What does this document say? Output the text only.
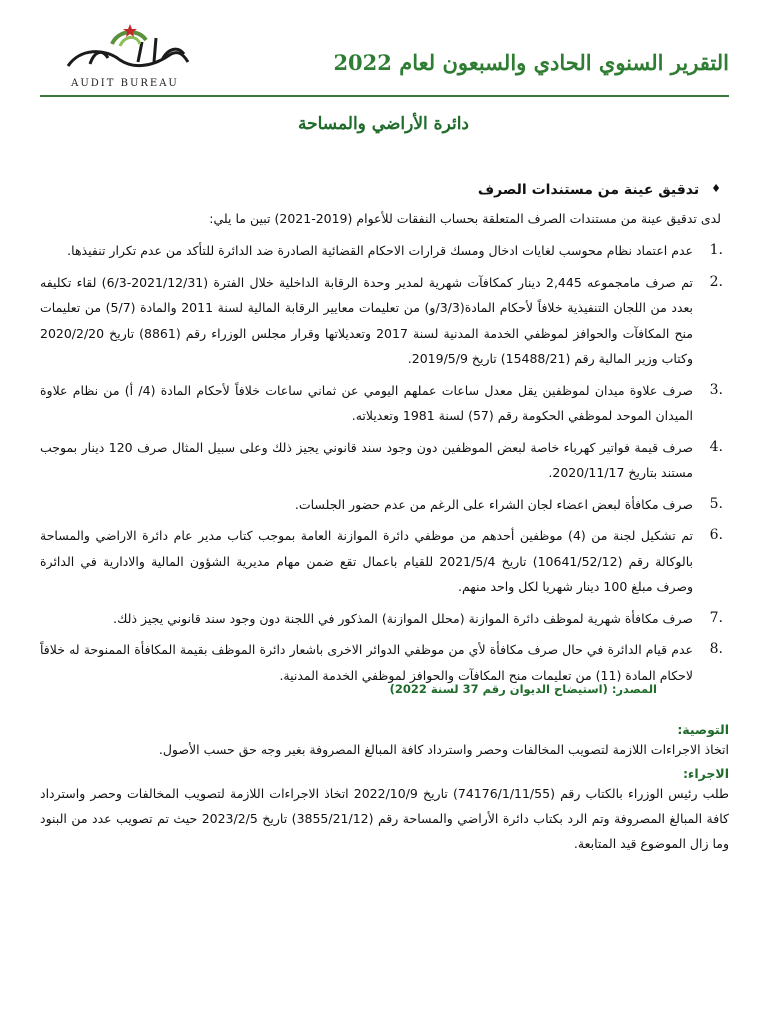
AUDIT BUREAU
التقرير السنوي الحادي والسبعون لعام 2022
دائرة الأراضي والمساحة

♦تدقيق عينة من مستندات الصرف

لدى تدقيق عينة من مستندات الصرف المتعلقة بحساب النفقات للأعوام (2019-2021) تبين ما يلي:

1.
عدم اعتماد نظام محوسب لغايات ادخال ومسك قرارات الاحكام القضائية الصادرة ضد الدائرة للتأكد من عدم تكرار تنفيذها.
2.
تم صرف مامجموعه 2,445 دينار كمكافآت شهرية لمدير وحدة الرقابة الداخلية خلال الفترة (2021/12/31-6/3) لقاء تكليفه بعدد من اللجان التنفيذية خلافاً لأحكام المادة(3/3/و) من تعليمات معايير الرقابة المالية لسنة 2011 والمادة (5/7) من تعليمات منح المكافآت والحوافز لموظفي الخدمة المدنية لسنة 2017 وتعديلاتها وقرار مجلس الوزراء رقم (8861) تاريخ 2020/2/20 وكتاب وزير المالية رقم (15488/21) تاريخ 2019/5/9.
3.
صرف علاوة ميدان لموظفين يقل معدل ساعات عملهم اليومي عن ثماني ساعات خلافاً لأحكام المادة (4/ أ) من نظام علاوة الميدان الموحد لموظفي الحكومة رقم (57) لسنة 1981 وتعديلاته.
4.
صرف قيمة فواتير كهرباء خاصة لبعض الموظفين دون وجود سند قانوني يجيز ذلك وعلى سبيل المثال صرف 120 دينار بموجب مستند بتاريخ 2020/11/17.
5.
صرف مكافأة لبعض اعضاء لجان الشراء على الرغم من عدم حضور الجلسات.
6.
تم تشكيل لجنة من (4) موظفين أحدهم من موظفي دائرة الموازنة العامة بموجب كتاب مدير عام دائرة الاراضي والمساحة بالوكالة رقم (10641/52/12) تاريخ 2021/5/4 للقيام باعمال تقع ضمن مهام مديرية الشؤون المالية والادارية في الدائرة وصرف مبلغ 100 دينار شهريا لكل واحد منهم.
7.
صرف مكافأة شهرية لموظف دائرة الموازنة (محلل الموازنة) المذكور في اللجنة دون وجود سند قانوني يجيز ذلك.
8.
عدم قيام الدائرة في حال صرف مكافأة لأي من موظفي الدوائر الاخرى باشعار دائرة الموظف بقيمة المكافأة الممنوحة له خلافاً لاحكام المادة (11) من تعليمات منح المكافآت والحوافز لموظفي الخدمة المدنية.
المصدر: (استيضاح الديوان رقم 37 لسنة 2022)

التوصية:

اتخاذ الاجراءات اللازمة لتصويب المخالفات وحصر واسترداد كافة المبالغ المصروفة بغير وجه حق حسب الأصول.

الاجراء:

طلب رئيس الوزراء بالكتاب رقم (74176/1/11/55) تاريخ 2022/10/9 اتخاذ الاجراءات اللازمة لتصويب المخالفات وحصر واسترداد كافة المبالغ المصروفة وتم الرد بكتاب دائرة الأراضي والمساحة رقم (3855/21/12) تاريخ 2023/2/5 حيث تم تصويب عدد من البنود وما زال الموضوع قيد المتابعة.
